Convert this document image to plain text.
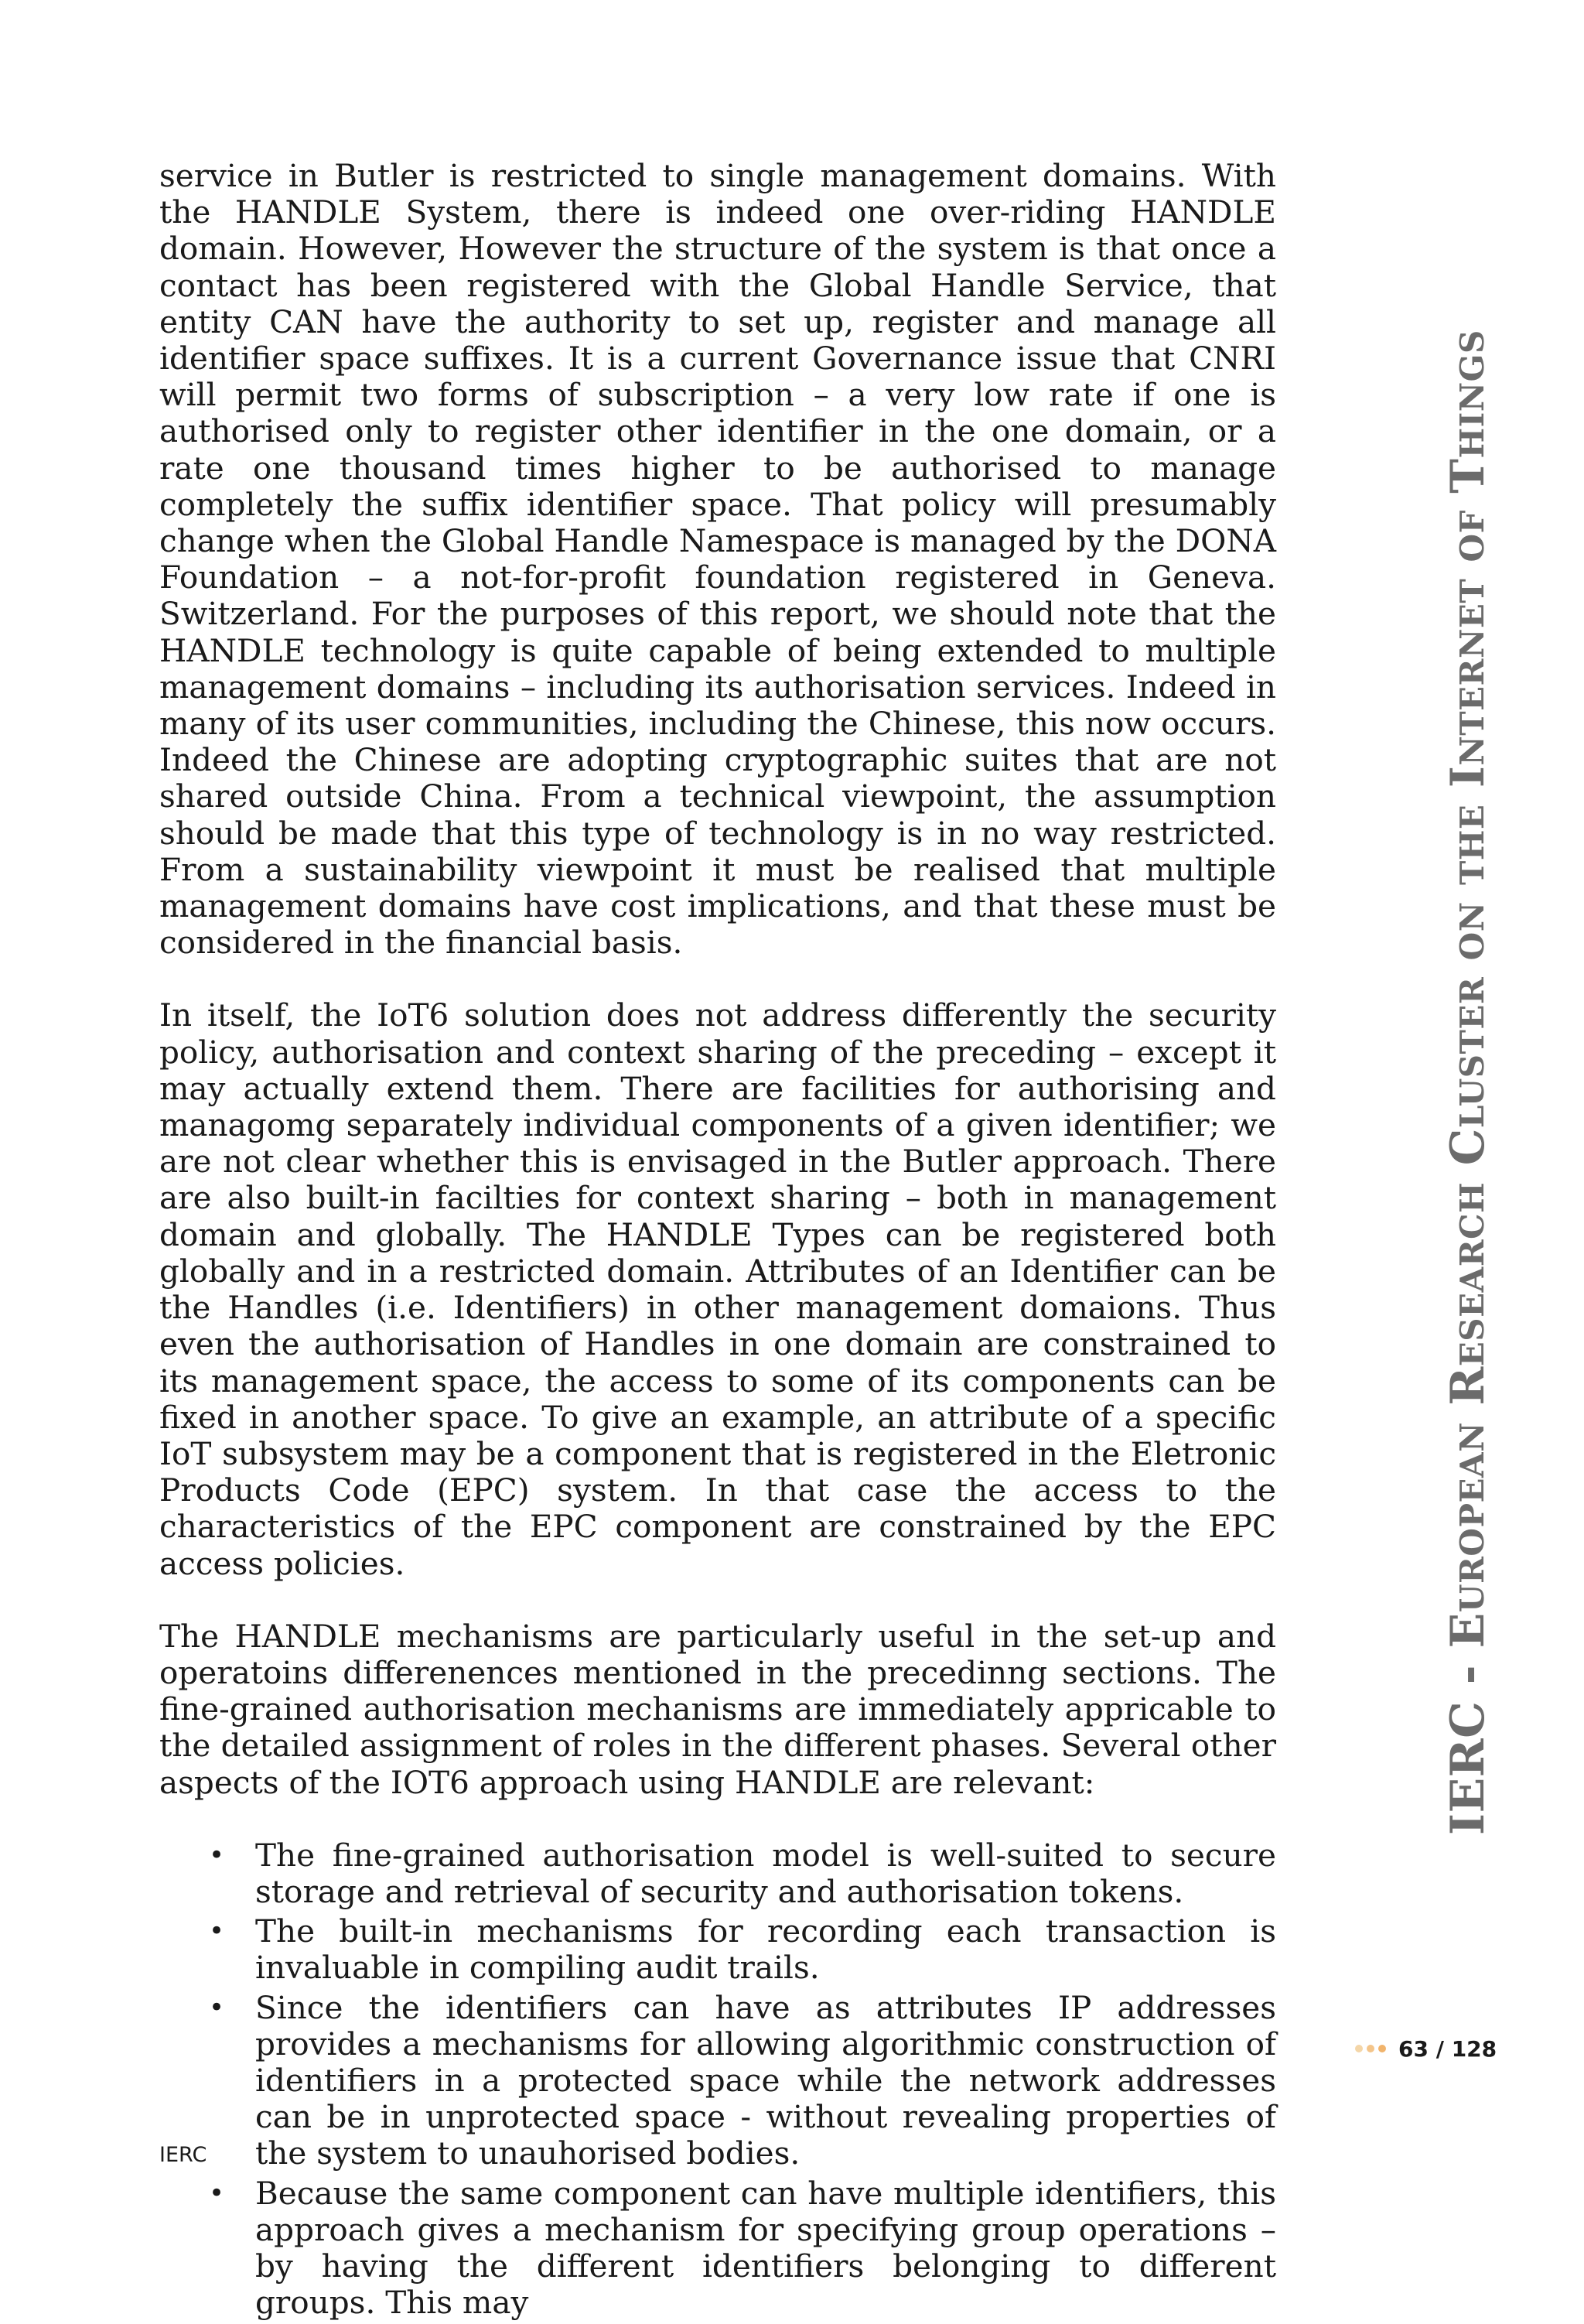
service in Butler is restricted to single management domains. With the HANDLE System, there is indeed one over-riding HANDLE domain. However, However the structure of the system is that once a contact has been registered with the Global Handle Service, that entity CAN have the authority to set up, register and manage all identifier space suffixes. It is a current Governance issue that CNRI will permit two forms of subscription – a very low rate if one is authorised only to register other identifier in the one domain, or a rate one thousand times higher to be authorised to manage completely the suffix identifier space. That policy will presumably change when the Global Handle Namespace is managed by the DONA Foundation – a not-for-profit foundation registered in Geneva. Switzerland. For the purposes of this report, we should note that the HANDLE technology is quite capable of being extended to multiple management domains – including its authorisation services. Indeed in many of its user communities, including the Chinese, this now occurs. Indeed the Chinese are adopting cryptographic suites that are not shared outside China. From a technical viewpoint, the assumption should be made that this type of technology is in no way restricted. From a sustainability viewpoint it must be realised that multiple management domains have cost implications, and that these must be considered in the financial basis.

In itself, the IoT6 solution does not address differently the security policy, authorisation and context sharing of the preceding – except it may actually extend them. There are facilities for authorising and managomg separately individual components of a given identifier; we are not clear whether this is envisaged in the Butler approach. There are also built-in facilties for context sharing – both in management domain and globally. The HANDLE Types can be registered both globally and in a restricted domain. Attributes of an Identifier can be the Handles (i.e. Identifiers) in other management domaions. Thus even the authorisation of Handles in one domain are constrained to its management space, the access to some of its components can be fixed in another space. To give an example, an attribute of a specific IoT subsystem may be a component that is registered in the Eletronic Products Code (EPC) system. In that case the access to the characteristics of the EPC component are constrained by the EPC access policies.

The HANDLE mechanisms are particularly useful in the set-up and operatoins differenences mentioned in the precedinng sections. The fine-grained authorisation mechanisms are immediately appricable to the detailed assignment of roles in the different phases. Several other aspects of the IOT6 approach using HANDLE are relevant:

• The fine-grained authorisation model is well-suited to secure storage and retrieval of security and authorisation tokens.
• The built-in mechanisms for recording each transaction is invaluable in compiling audit trails.
• Since the identifiers can have as attributes IP addresses provides a mechanisms for allowing algorithmic construction of identifiers in a protected space while the network addresses can be in unprotected space - without revealing properties of the system to unauhorised bodies.
• Because the same component can have multiple identifiers, this approach gives a mechanism for specifying group operations – by having the different identifiers belonging to different groups. This may
IERC - European Research Cluster on the Internet of Things
63 / 128
IERC
